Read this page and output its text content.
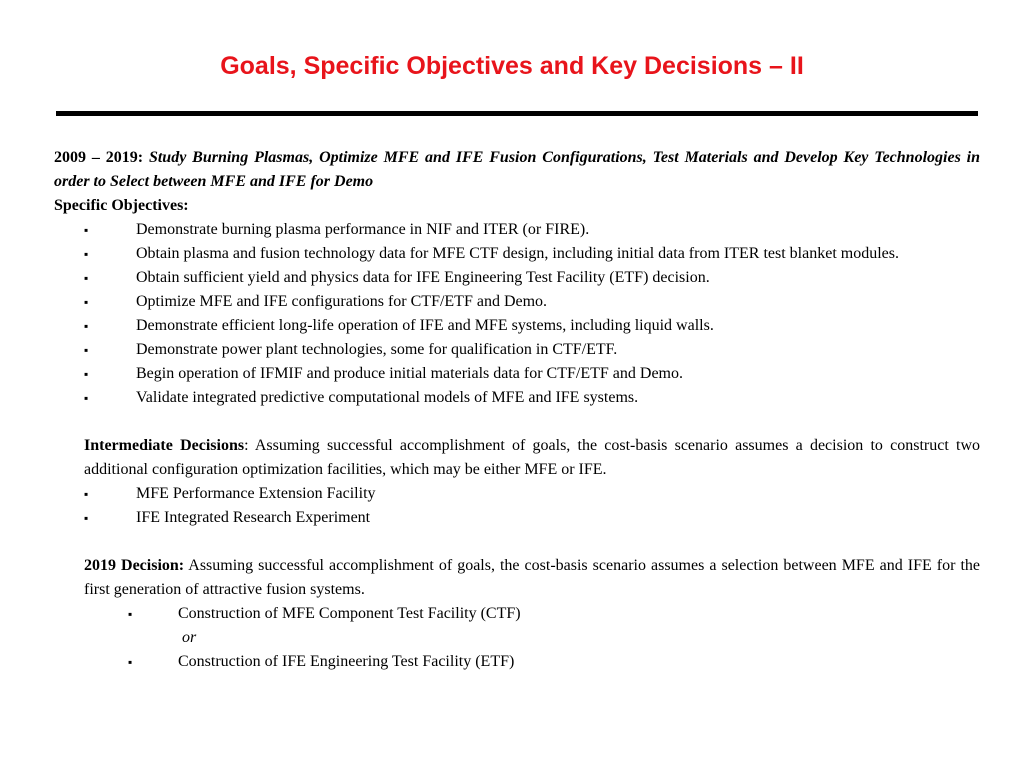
Goals, Specific Objectives and Key Decisions – II

2009 – 2019: Study Burning Plasmas, Optimize MFE and IFE Fusion Configurations, Test Materials and Develop Key Technologies in order to Select between MFE and IFE for Demo

Specific Objectives:

▪	Demonstrate burning plasma performance in NIF and ITER (or FIRE).
▪	Obtain plasma and fusion technology data for MFE CTF design, including initial data from ITER test blanket modules.
▪	Obtain sufficient yield and physics data for IFE Engineering Test Facility (ETF) decision.
▪	Optimize MFE and IFE configurations for CTF/ETF and Demo.
▪	Demonstrate efficient long-life operation of IFE and MFE systems, including liquid walls.
▪	Demonstrate power plant technologies, some for qualification in CTF/ETF.
▪	Begin operation of IFMIF and produce initial materials data for CTF/ETF and Demo.
▪	Validate integrated predictive computational models of MFE and IFE systems.

Intermediate Decisions: Assuming successful accomplishment of goals, the cost-basis scenario assumes a decision to construct two additional configuration optimization facilities, which may be either MFE or IFE.

▪	MFE Performance Extension Facility
▪	IFE Integrated Research Experiment

2019 Decision: Assuming successful accomplishment of goals, the cost-basis scenario assumes a selection between MFE and IFE for the first generation of attractive fusion systems.

▪	Construction of MFE Component Test Facility (CTF)
or
▪	Construction of IFE Engineering Test Facility (ETF)
